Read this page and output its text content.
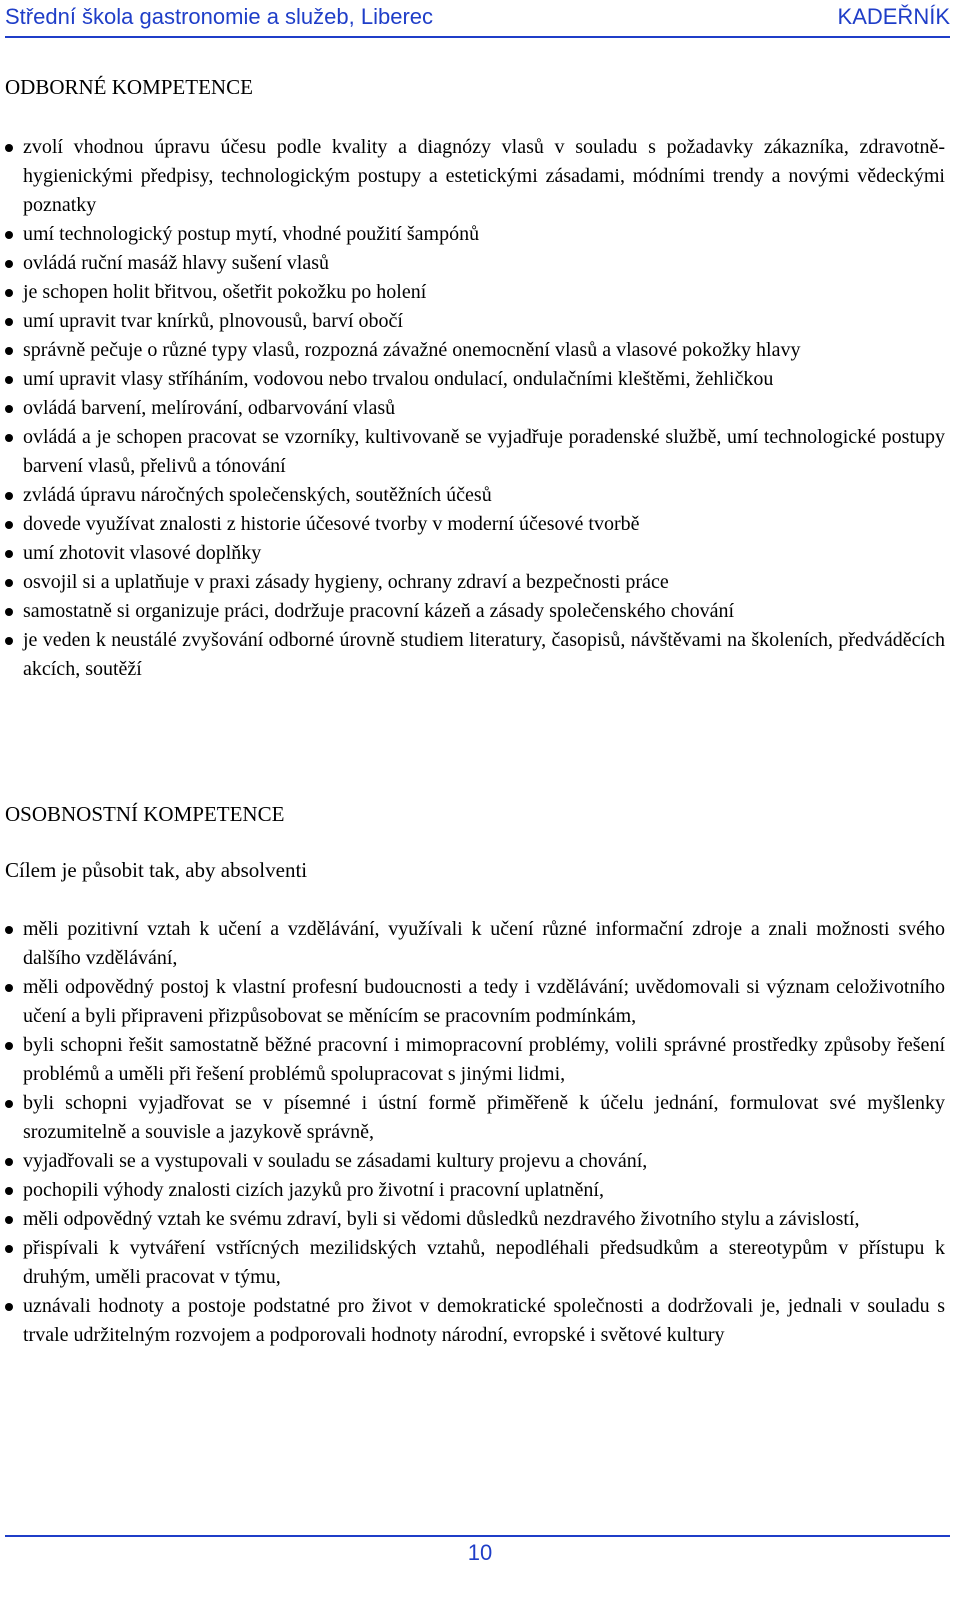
Střední škola gastronomie a služeb, Liberec	KADEŘNÍK
ODBORNÉ KOMPETENCE
zvolí vhodnou úpravu účesu podle kvality a diagnózy vlasů v souladu s požadavky zákazníka, zdravotně-hygienickými předpisy, technologickým postupy a estetickými zásadami, módními trendy a novými vědeckými poznatky
umí technologický postup mytí, vhodné použití šampónů
ovládá ruční masáž hlavy sušení vlasů
je schopen holit břitvou, ošetřit pokožku po holení
umí upravit tvar knírků, plnovousů, barví obočí
správně pečuje o různé typy vlasů, rozpozná závažné onemocnění vlasů a vlasové pokožky hlavy
umí upravit vlasy stříháním, vodovou nebo trvalou ondulací, ondulačními kleštěmi, žehličkou
ovládá barvení, melírování, odbarvování vlasů
ovládá a je schopen pracovat se vzorníky, kultivovaně se vyjadřuje poradenské službě, umí technologické postupy barvení vlasů, přelivů a tónování
zvládá úpravu náročných společenských, soutěžních účesů
dovede využívat znalosti z historie účesové tvorby v moderní účesové tvorbě
umí zhotovit vlasové doplňky
osvojil si a uplatňuje v praxi zásady hygieny, ochrany zdraví a bezpečnosti práce
samostatně si organizuje práci, dodržuje pracovní kázeň a zásady společenského chování
je veden k neustálé zvyšování odborné úrovně studiem literatury, časopisů, návštěvami na školeních, předváděcích akcích, soutěží
OSOBNOSTNÍ KOMPETENCE
Cílem je působit tak, aby absolventi
měli pozitivní vztah k učení a vzdělávání, využívali k učení různé informační zdroje a znali možnosti svého dalšího vzdělávání,
měli odpovědný postoj k vlastní profesní budoucnosti a tedy i vzdělávání; uvědomovali si význam celoživotního učení a byli připraveni přizpůsobovat se měnícím se pracovním podmínkám,
byli schopni řešit samostatně běžné pracovní i mimopracovní problémy, volili správné prostředky způsoby řešení problémů a uměli při řešení problémů spolupracovat s jinými lidmi,
byli schopni vyjadřovat se v písemné i ústní formě přiměřeně k účelu jednání, formulovat své myšlenky srozumitelně a souvisle a jazykově správně,
vyjadřovali se a vystupovali v souladu se zásadami kultury projevu a chování,
pochopili výhody znalosti cizích jazyků pro životní i pracovní uplatnění,
měli odpovědný vztah ke svému zdraví, byli si vědomi důsledků nezdravého životního stylu a závislostí,
přispívali k vytváření vstřícných mezilidských vztahů, nepodléhali předsudkům a stereotypům v přístupu k druhým, uměli pracovat v týmu,
uznávali hodnoty a postoje podstatné pro život v demokratické společnosti a dodržovali je, jednali v souladu s trvale udržitelným rozvojem a podporovali hodnoty národní, evropské i světové kultury
10
